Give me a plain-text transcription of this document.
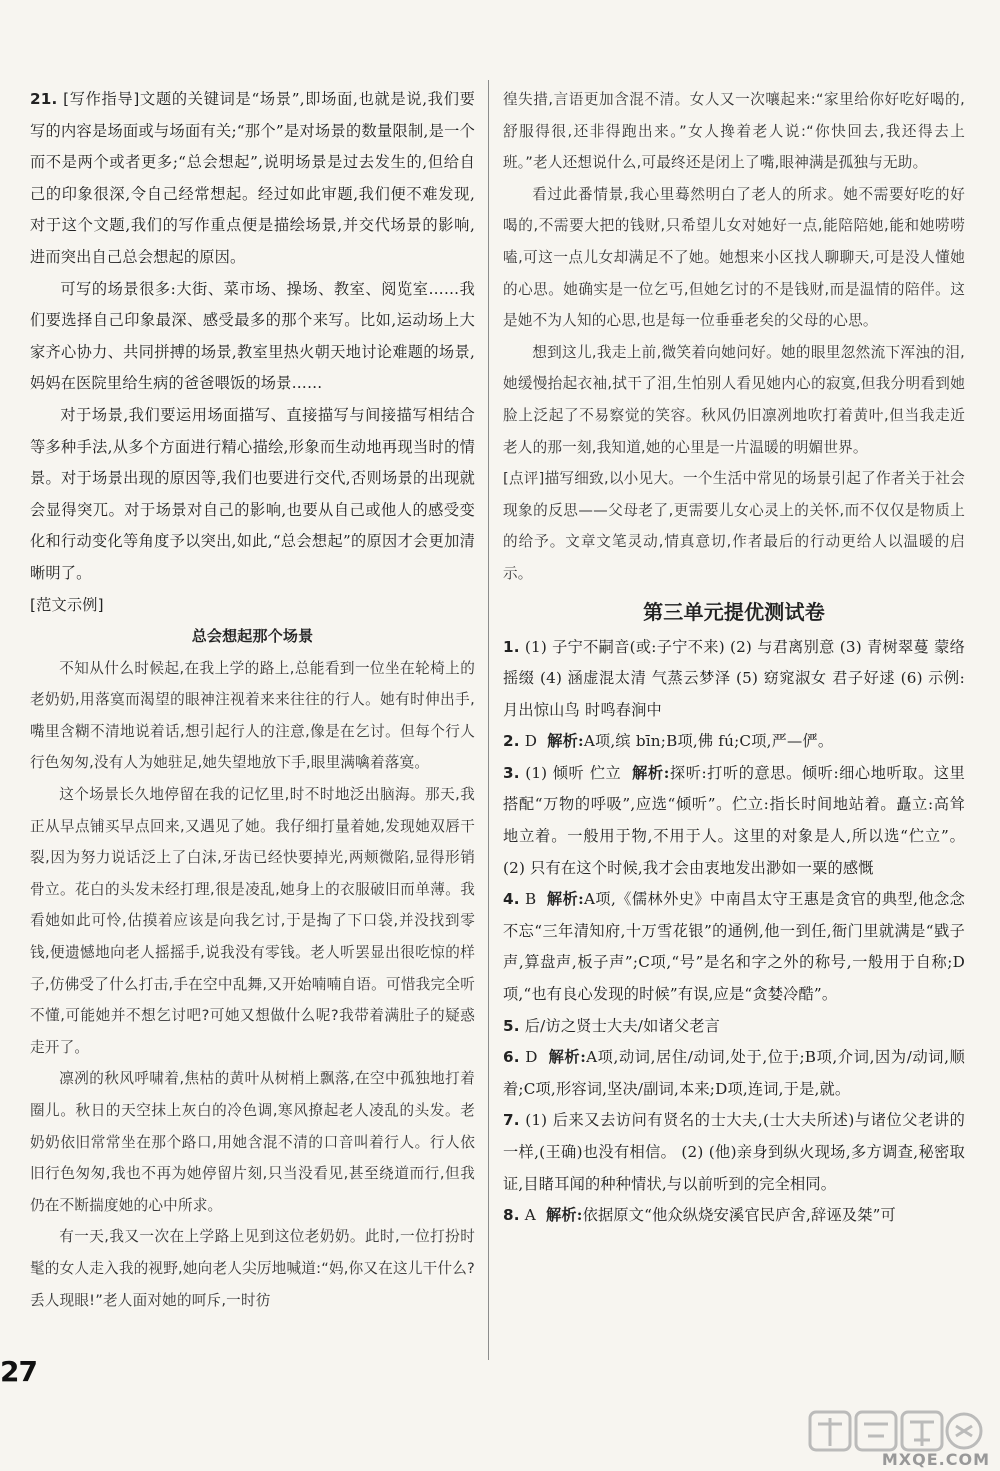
21. [写作指导]文题的关键词是“场景”,即场面,也就是说,我们要写的内容是场面或与场面有关;“那个”是对场景的数量限制,是一个而不是两个或者更多;“总会想起”,说明场景是过去发生的,但给自己的印象很深,令自己经常想起。经过如此审题,我们便不难发现,对于这个文题,我们的写作重点便是描绘场景,并交代场景的影响,进而突出自己总会想起的原因。

可写的场景很多:大街、菜市场、操场、教室、阅览室……我们要选择自己印象最深、感受最多的那个来写。比如,运动场上大家齐心协力、共同拼搏的场景,教室里热火朝天地讨论难题的场景,妈妈在医院里给生病的爸爸喂饭的场景……

对于场景,我们要运用场面描写、直接描写与间接描写相结合等多种手法,从多个方面进行精心描绘,形象而生动地再现当时的情景。对于场景出现的原因等,我们也要进行交代,否则场景的出现就会显得突兀。对于场景对自己的影响,也要从自己或他人的感受变化和行动变化等角度予以突出,如此,“总会想起”的原因才会更加清晰明了。

[范文示例]

总会想起那个场景

不知从什么时候起,在我上学的路上,总能看到一位坐在轮椅上的老奶奶,用落寞而渴望的眼神注视着来来往往的行人。她有时伸出手,嘴里含糊不清地说着话,想引起行人的注意,像是在乞讨。但每个行人行色匆匆,没有人为她驻足,她失望地放下手,眼里满噙着落寞。

这个场景长久地停留在我的记忆里,时不时地泛出脑海。那天,我正从早点铺买早点回来,又遇见了她。我仔细打量着她,发现她双唇干裂,因为努力说话泛上了白沫,牙齿已经快要掉光,两颊微陷,显得形销骨立。花白的头发未经打理,很是凌乱,她身上的衣服破旧而单薄。我看她如此可怜,估摸着应该是向我乞讨,于是掏了下口袋,并没找到零钱,便遗憾地向老人摇摇手,说我没有零钱。老人听罢显出很吃惊的样子,仿佛受了什么打击,手在空中乱舞,又开始喃喃自语。可惜我完全听不懂,可能她并不想乞讨吧?可她又想做什么呢?我带着满肚子的疑惑走开了。

凛冽的秋风呼啸着,焦枯的黄叶从树梢上飘落,在空中孤独地打着圈儿。秋日的天空抹上灰白的冷色调,寒风撩起老人凌乱的头发。老奶奶依旧常常坐在那个路口,用她含混不清的口音叫着行人。行人依旧行色匆匆,我也不再为她停留片刻,只当没看见,甚至绕道而行,但我仍在不断揣度她的心中所求。

有一天,我又一次在上学路上见到这位老奶奶。此时,一位打扮时髦的女人走入我的视野,她向老人尖厉地喊道:“妈,你又在这儿干什么?丢人现眼!”老人面对她的呵斥,一时彷

徨失措,言语更加含混不清。女人又一次嚷起来:“家里给你好吃好喝的,舒服得很,还非得跑出来。”女人搀着老人说:“你快回去,我还得去上班。”老人还想说什么,可最终还是闭上了嘴,眼神满是孤独与无助。

看过此番情景,我心里蓦然明白了老人的所求。她不需要好吃的好喝的,不需要大把的钱财,只希望儿女对她好一点,能陪陪她,能和她唠唠嗑,可这一点儿女却满足不了她。她想来小区找人聊聊天,可是没人懂她的心思。她确实是一位乞丐,但她乞讨的不是钱财,而是温情的陪伴。这是她不为人知的心思,也是每一位垂垂老矣的父母的心思。

想到这儿,我走上前,微笑着向她问好。她的眼里忽然流下浑浊的泪,她缓慢抬起衣袖,拭干了泪,生怕别人看见她内心的寂寞,但我分明看到她脸上泛起了不易察觉的笑容。秋风仍旧凛冽地吹打着黄叶,但当我走近老人的那一刻,我知道,她的心里是一片温暖的明媚世界。

[点评]描写细致,以小见大。一个生活中常见的场景引起了作者关于社会现象的反思——父母老了,更需要儿女心灵上的关怀,而不仅仅是物质上的给予。文章文笔灵动,情真意切,作者最后的行动更给人以温暖的启示。

第三单元提优测试卷

1. (1) 子宁不嗣音(或:子宁不来) (2) 与君离别意 (3) 青树翠蔓 蒙络摇缀 (4) 涵虚混太清 气蒸云梦泽 (5) 窈窕淑女 君子好逑 (6) 示例:月出惊山鸟 时鸣春涧中

2. D 解析:A项,缤 bīn;B项,佛 fú;C项,严—俨。

3. (1) 倾听 伫立 解析:探听:打听的意思。倾听:细心地听取。这里搭配“万物的呼吸”,应选“倾听”。伫立:指长时间地站着。矗立:高耸地立着。一般用于物,不用于人。这里的对象是人,所以选“伫立”。 (2) 只有在这个时候,我才会由衷地发出渺如一粟的感慨

4. B 解析:A项,《儒林外史》中南昌太守王惠是贪官的典型,他念念不忘“三年清知府,十万雪花银”的通例,他一到任,衙门里就满是“戥子声,算盘声,板子声”;C项,“号”是名和字之外的称号,一般用于自称;D项,“也有良心发现的时候”有误,应是“贪婪冷酷”。

5. 后/访之贤士大夫/如诸父老言

6. D 解析:A项,动词,居住/动词,处于,位于;B项,介词,因为/动词,顺着;C项,形容词,坚决/副词,本来;D项,连词,于是,就。

7. (1) 后来又去访问有贤名的士大夫,(士大夫所述)与诸位父老讲的一样,(王确)也没有相信。 (2) (他)亲身到纵火现场,多方调查,秘密取证,目睹耳闻的种种情状,与以前听到的完全相同。

8. A 解析:依据原文“他众纵烧安溪官民庐舍,辞诬及桀”可

27
MXQE.COM
